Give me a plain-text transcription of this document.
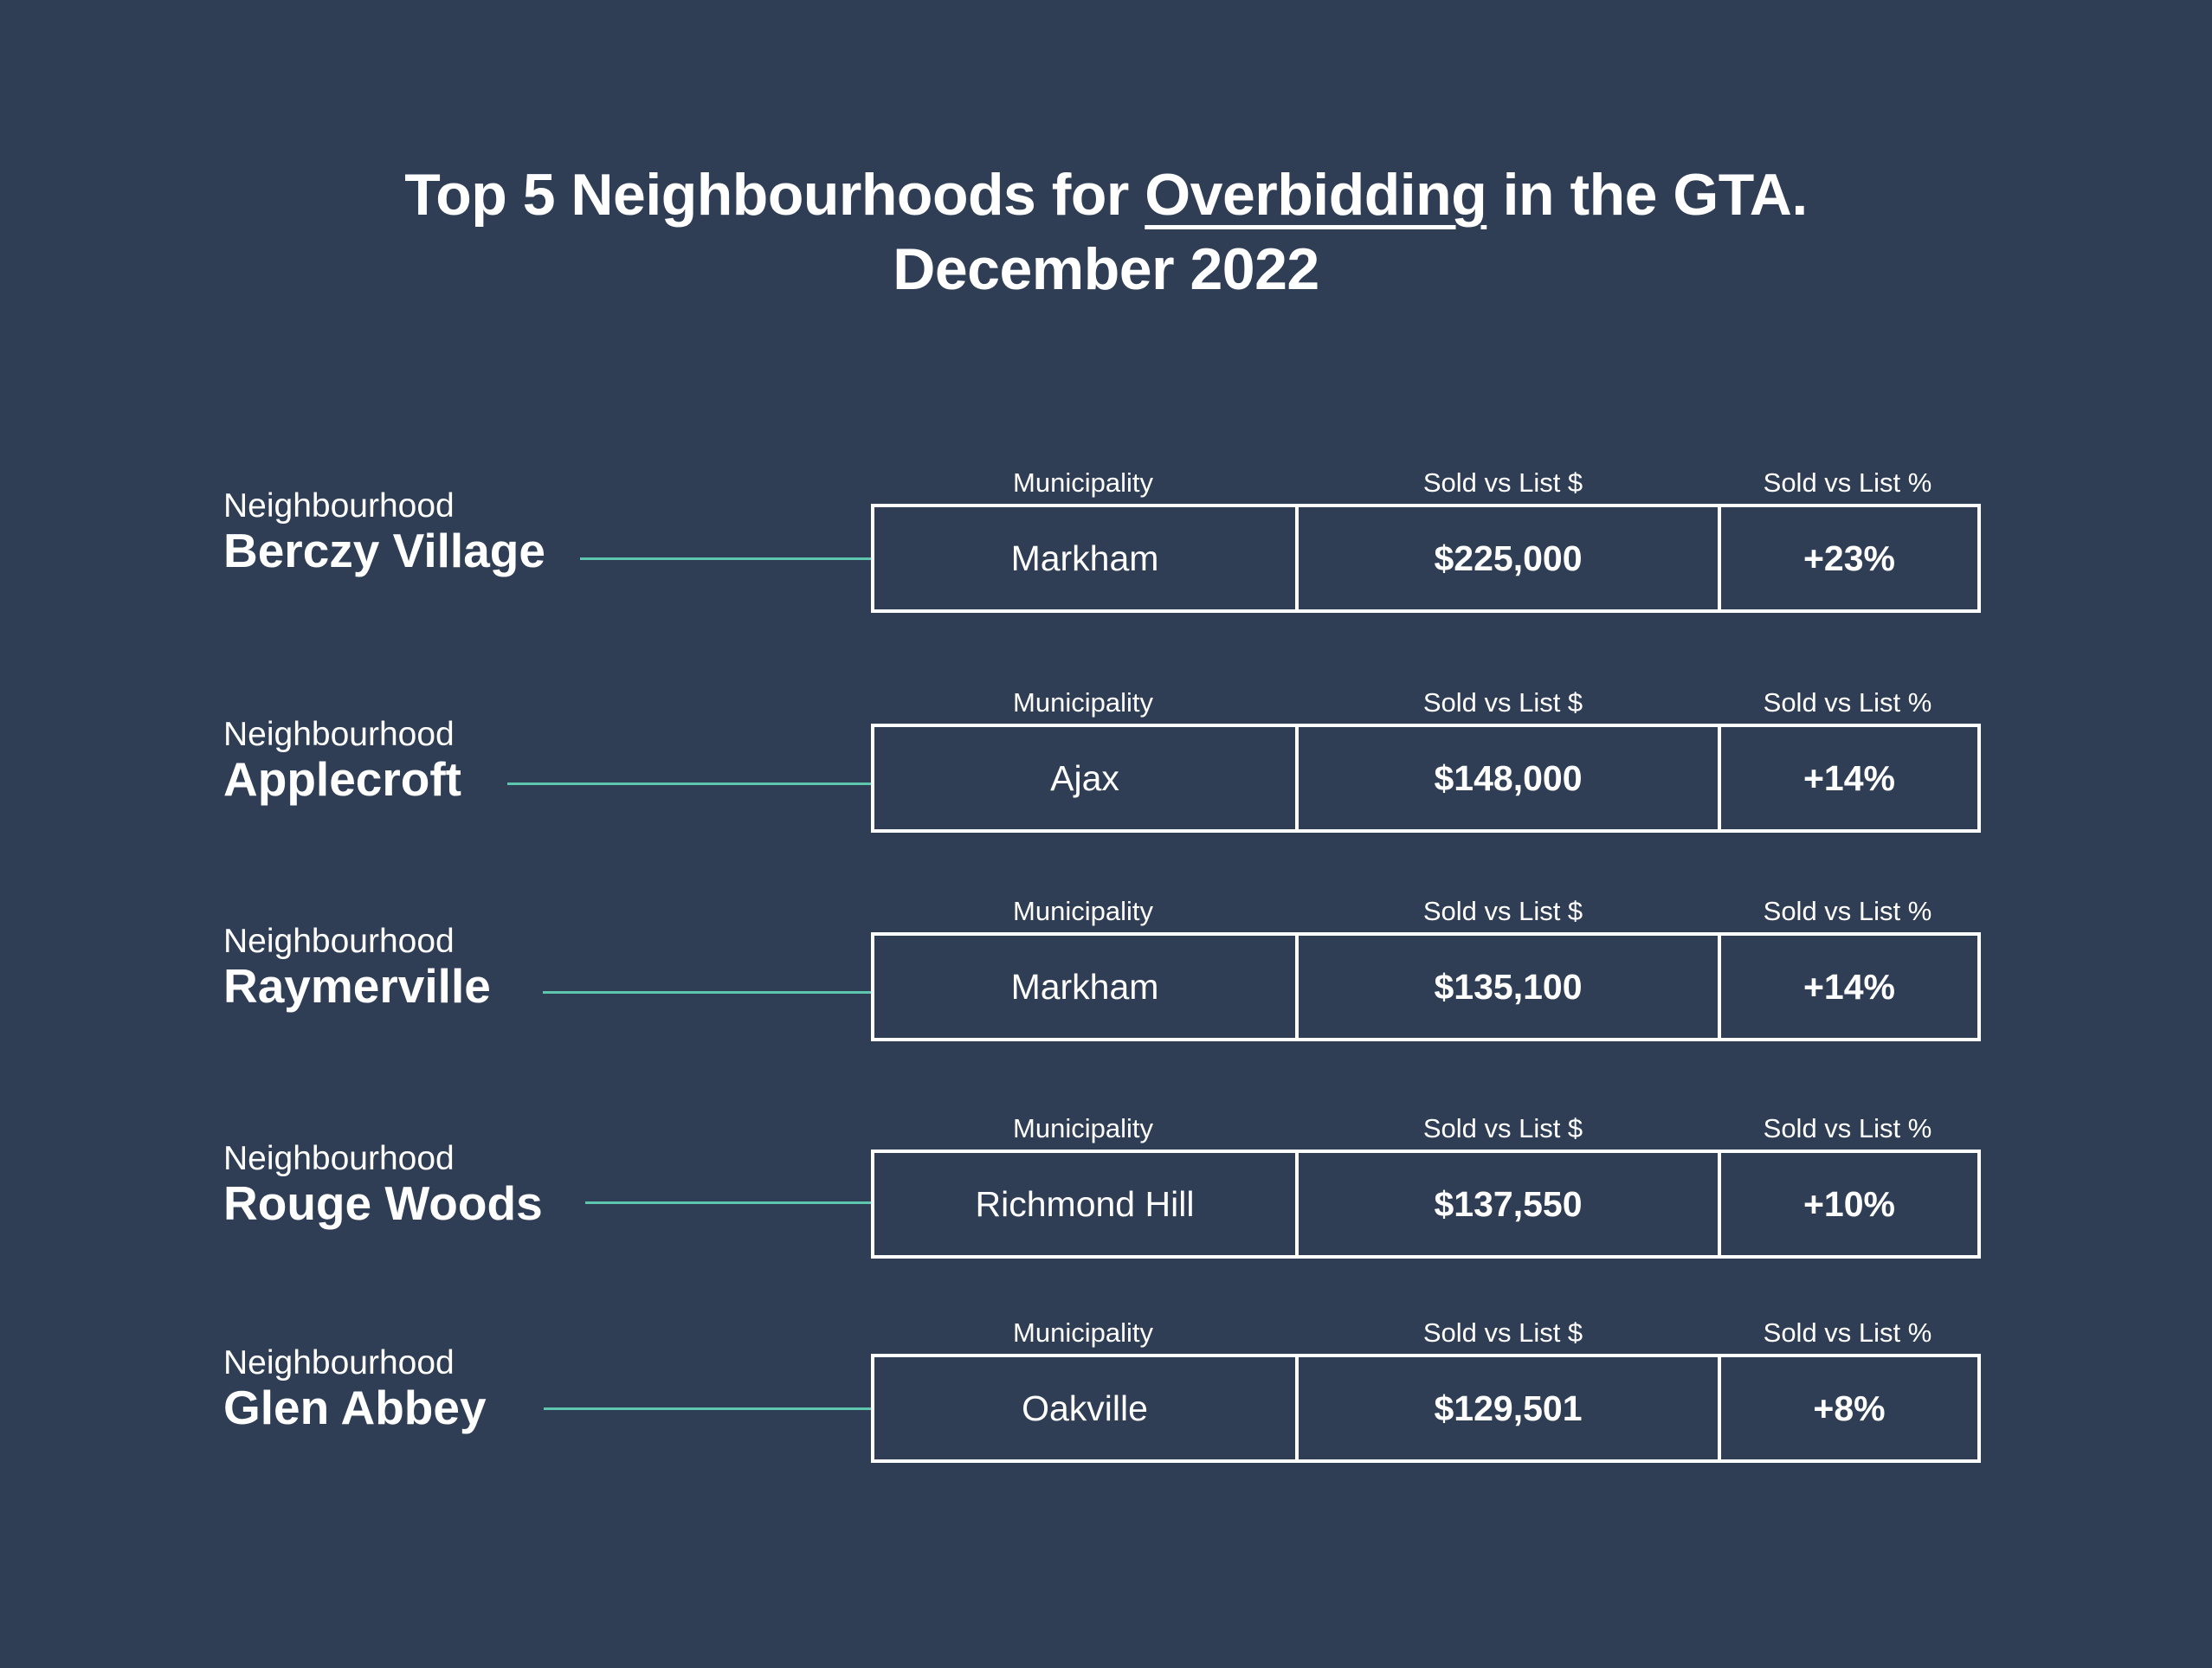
Top 5 Neighbourhoods for Overbidding in the GTA.
December 2022
Neighbourhood
Berczy Village
Municipality	Sold vs List $	Sold vs List %
Markham	$225,000	+23%
Neighbourhood
Applecroft
Municipality	Sold vs List $	Sold vs List %
Ajax	$148,000	+14%
Neighbourhood
Raymerville
Municipality	Sold vs List $	Sold vs List %
Markham	$135,100	+14%
Neighbourhood
Rouge Woods
Municipality	Sold vs List $	Sold vs List %
Richmond Hill	$137,550	+10%
Neighbourhood
Glen Abbey
Municipality	Sold vs List $	Sold vs List %
Oakville	$129,501	+8%
